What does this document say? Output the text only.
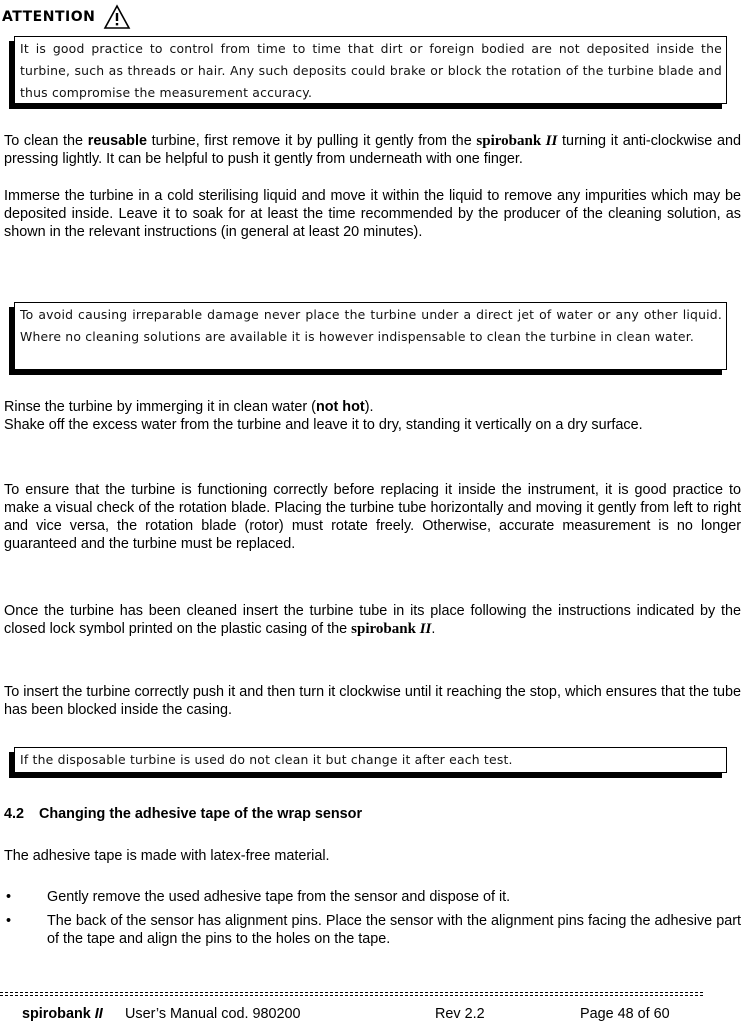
ATTENTION
It is good practice to control from time to time that dirt or foreign bodied are not deposited inside the turbine, such as threads or hair. Any such deposits could brake or block the rotation of the turbine blade and thus compromise the measurement accuracy.

To clean the reusable turbine, first remove it by pulling it gently from the spirobank II turning it anti-clockwise and pressing lightly. It can be helpful to push it gently from underneath with one finger.

Immerse the turbine in a cold sterilising liquid and move it within the liquid to remove any impurities which may be deposited inside. Leave it to soak for at least the time recommended by the producer of the cleaning solution, as shown in the relevant instructions (in general at least 20 minutes).

To avoid causing irreparable damage never place the turbine under a direct jet of water or any other liquid. Where no cleaning solutions are available it is however indispensable to clean the turbine in clean water.

Rinse the turbine by immerging it in clean water (not hot).

Shake off the excess water from the turbine and leave it to dry, standing it vertically on a dry surface.

To ensure that the turbine is functioning correctly before replacing it inside the instrument, it is good practice to make a visual check of the rotation blade. Placing the turbine tube horizontally and moving it gently from left to right and vice versa, the rotation blade (rotor) must rotate freely. Otherwise, accurate measurement is no longer guaranteed and the turbine must be replaced.

Once the turbine has been cleaned insert the turbine tube in its place following the instructions indicated by the closed lock symbol printed on the plastic casing of the spirobank II.

To insert the turbine correctly push it and then turn it clockwise until it reaching the stop, which ensures that the tube has been blocked inside the casing.

If the disposable turbine is used do not clean it but change it after each test.
4.2 Changing the adhesive tape of the wrap sensor

The adhesive tape is made with latex-free material.

• Gently remove the used adhesive tape from the sensor and dispose of it.
• The back of the sensor has alignment pins. Place the sensor with the alignment pins facing the adhesive part of the tape and align the pins to the holes on the tape.
spirobank II User’s Manual cod. 980200	Rev 2.2	Page 48 of 60
